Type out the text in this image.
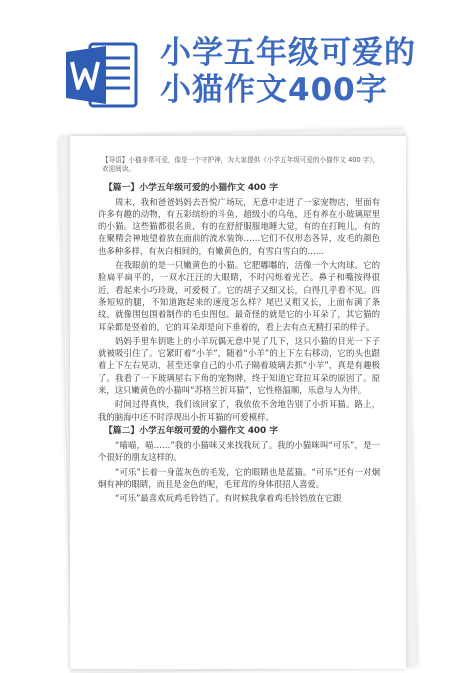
小学五年级可爱的
小猫作文400字
【导语】小猫非常可爱，像是一个守护神，为大家提供《小学五年级可爱的小猫作文 400 字》，欢迎阅读。
【篇一】小学五年级可爱的小猫作文 400 字

周末，我和爸爸妈妈去吾悦广场玩，无意中走进了一家宠物店，里面有许多有趣的动物，有五彩缤纷的斗鱼、超级小的乌龟，还有养在小玻璃屋里的小猫。这些猫都很名贵，有的在舒舒服服地睡大觉，有的在打盹儿，有的在聚精会神地望着放在面前的流水装饰……它们不仅形态各异，皮毛的颜色也多种多样，有灰白相间的，有嫩黄色的，有雪白雪白的……

在我眼前的是一只嫩黄色的小猫。它肥嘟嘟的，活像一个大肉球。它的脸扁平扁平的，一双水汪汪的大眼睛，不时闪烁着光芒。鼻子和嘴按得很近，看起来小巧玲珑，可爱极了。它的胡子又细又长，白得几乎看不见。四条短短的腿，不知道跑起来的速度怎么样？尾巴又粗又长，上面布满了条纹，就像围包围着制作的毛虫图包。最奇怪的就是它的小耳朵了，其它猫的耳朵都是竖着的，它的耳朵却是向下垂着的，看上去有点无精打采的样子。

妈妈手里车钥匙上的小羊玩偶无意中晃了几下，这只小猫的目光一下子就被吸引住了。它紧盯着“小羊”，随着“小羊”的上下左右移动，它的头也跟着上下左右晃动，甚至还拿自己的小爪子隔着玻璃去抓“小羊”，真是有趣极了。我看了一下玻璃屋右下角的宠物牌，终于知道它耷拉耳朵的原因了。原来，这只嫩黄色的小猫叫“苏格兰折耳猫”，它性格温顺，乐意与人为伴。

时间过得真快，我们该回家了，我依依不舍地告别了小折耳猫。路上，我的脑海中还不时浮现出小折耳猫的可爱模样。

【篇二】小学五年级可爱的小猫作文 400 字

“喵喵，喵……”我的小猫咪又来找我玩了。我的小猫咪叫“可乐”，是一个很好的朋友这样的。

“可乐”长着一身蓝灰色的毛发，它的眼睛也是蓝猫。“可乐”还有一对炯炯有神的眼睛，而且是金色的呢，毛茸茸的身体很招人喜爱。

“可乐”最喜欢玩鸡毛铃铛了。有时候我拿着鸡毛铃铛放在它跟
